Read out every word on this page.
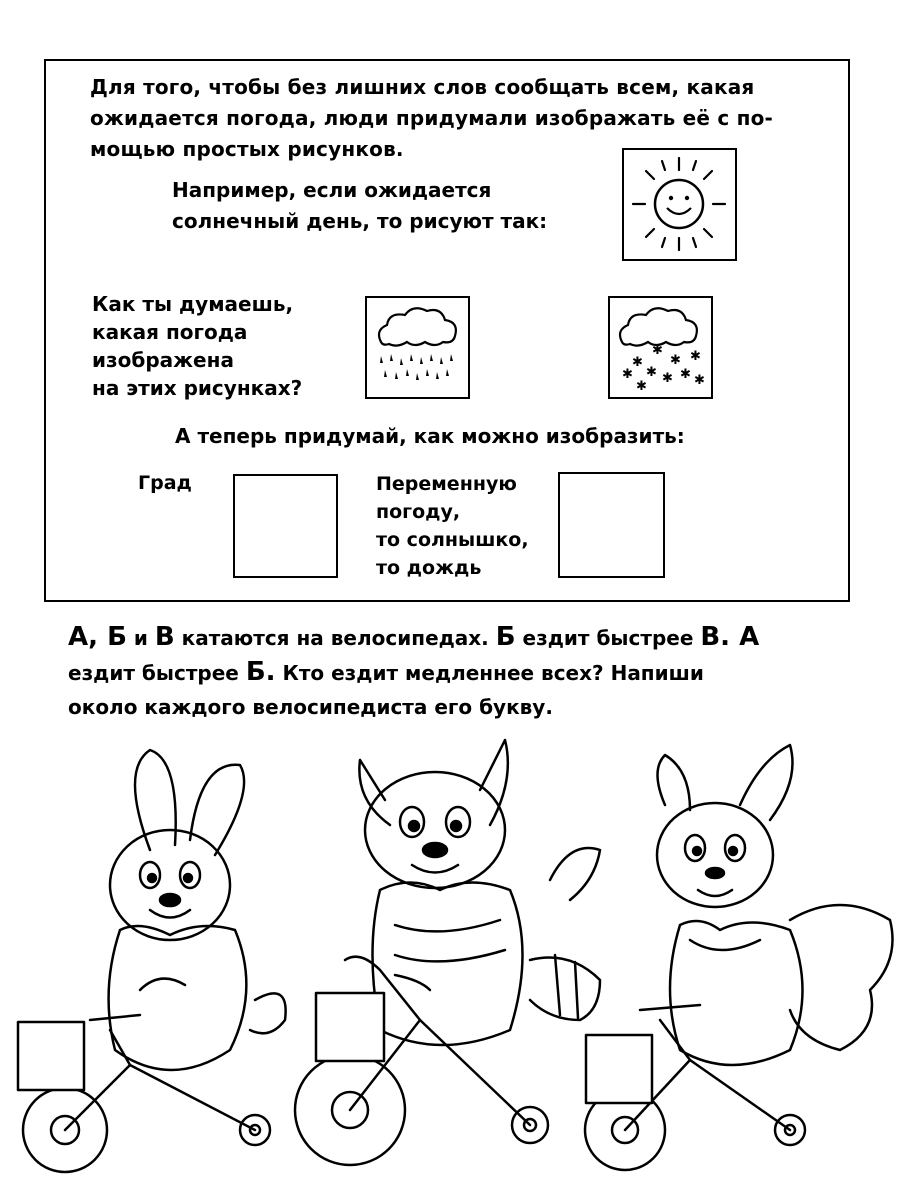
Для того, чтобы без лишних слов сообщать всем, какая
ожидается погода, люди придумали изображать её с по-
мощью простых рисунков.
Например, если ожидается
солнечный день, то рисуют так:
Как ты думаешь,
какая погода
изображена
на этих рисунках?
✱
✱ ✱ ✱
✱ ✱ ✱ ✱ ✱
✱
А теперь придумай, как можно изобразить:
Град	Переменную
погоду,
то солнышко,
то дождь
А, Б и В катаются на велосипедах. Б ездит быстрее В. А
ездит быстрее Б. Кто ездит медленнее всех? Напиши
около каждого велосипедиста его букву.
